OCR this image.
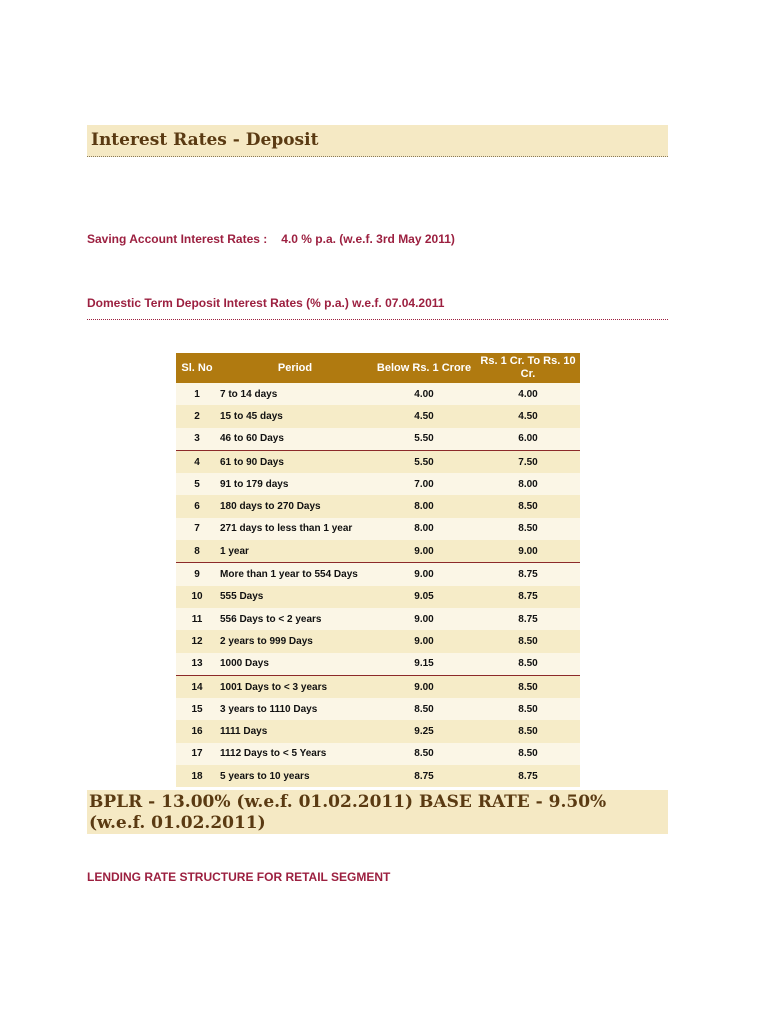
Interest Rates - Deposit
Saving Account Interest Rates : 4.0 % p.a. (w.e.f. 3rd May 2011)
Domestic Term Deposit Interest Rates (% p.a.) w.e.f. 07.04.2011
Sl. No	Period	Below Rs. 1 Crore	Rs. 1 Cr. To Rs. 10 Cr.
1	7 to 14 days	4.00	4.00
2	15 to 45 days	4.50	4.50
3	46 to 60 Days	5.50	6.00
4	61 to 90 Days	5.50	7.50
5	91 to 179 days	7.00	8.00
6	180 days to 270 Days	8.00	8.50
7	271 days to less than 1 year	8.00	8.50
8	1 year	9.00	9.00
9	More than 1 year to 554 Days	9.00	8.75
10	555 Days	9.05	8.75
11	556 Days to < 2 years	9.00	8.75
12	2 years to 999 Days	9.00	8.50
13	1000 Days	9.15	8.50
14	1001 Days to < 3 years	9.00	8.50
15	3 years to 1110 Days	8.50	8.50
16	1111 Days	9.25	8.50
17	1112 Days to < 5 Years	8.50	8.50
18	5 years to 10 years	8.75	8.75
BPLR - 13.00% (w.e.f. 01.02.2011) BASE RATE - 9.50% (w.e.f. 01.02.2011)
LENDING RATE STRUCTURE FOR RETAIL SEGMENT
